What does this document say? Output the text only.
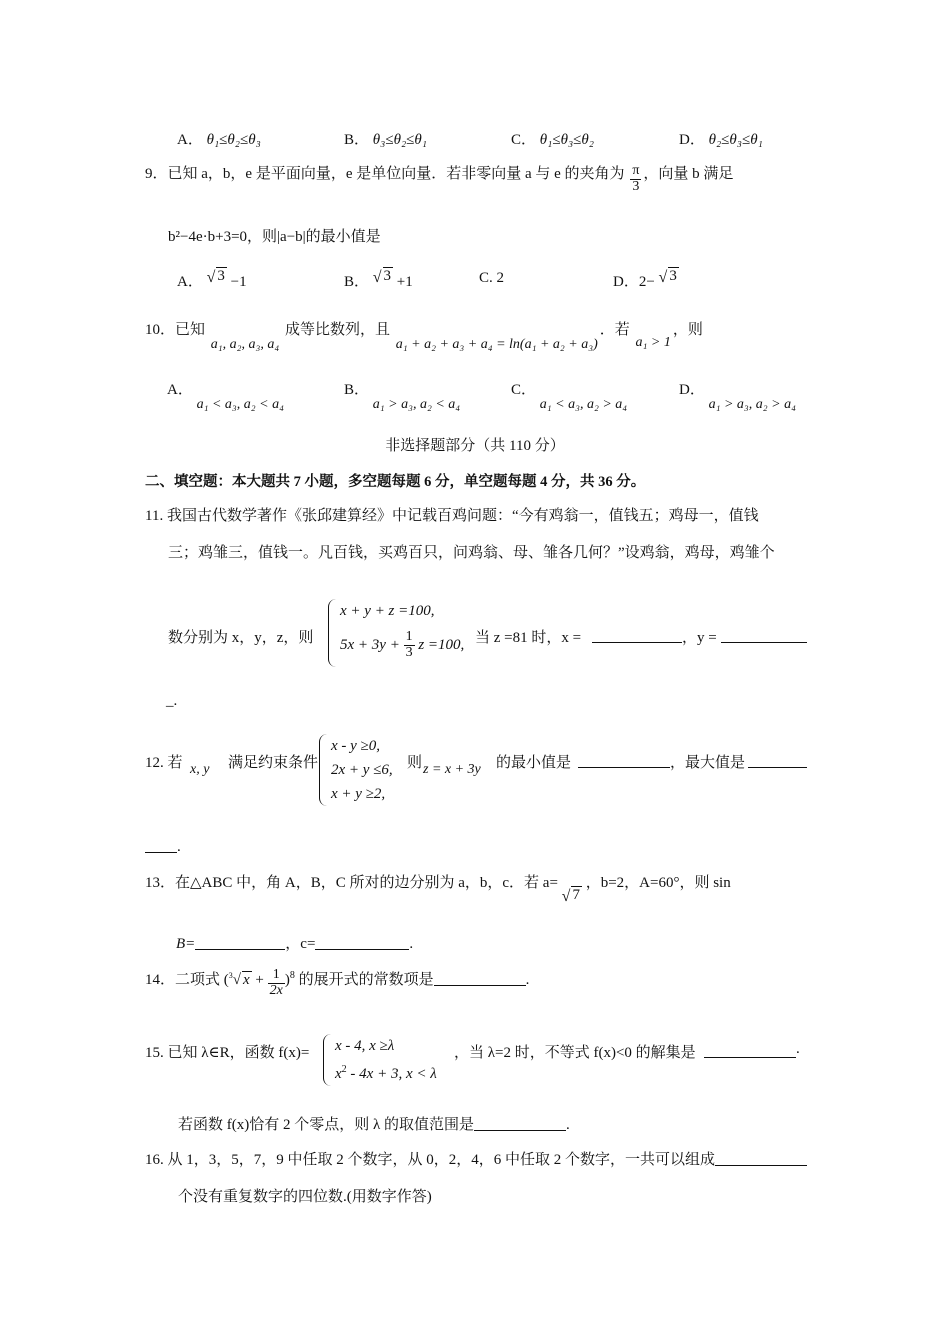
A． θ₁≤θ₂≤θ₃	B． θ₃≤θ₂≤θ₁	C． θ₁≤θ₃≤θ₂	D． θ₂≤θ₃≤θ₁
9．已知 a，b，e 是平面向量，e 是单位向量．若非零向量 a 与 e 的夹角为 $\frac{\pi}{3}$ ，向量 b 满足
b²−4e·b+3=0，则|a−b|的最小值是
A． √ 3 −1	B． √ 3 +1	C. 2	D．2− √ 3
10．已知 a₁, a₂, a₃, a₄ 成等比数列，且 a₁ + a₂ + a₃ + a₄ = ln(a₁ + a₂ + a₃)．若 a₁ > 1，则
A． a₁ < a₃, a₂ < a₄
B． a₁ > a₃, a₂ < a₄
C． a₁ < a₃, a₂ > a₄
D． a₁ > a₃, a₂ > a₄
非选择题部分（共 110 分）
二、填空题：本大题共 7 小题，多空题每题 6 分，单空题每题 4 分，共 36 分。
11. 我国古代数学著作《张邱建算经》中记载百鸡问题：“今有鸡翁一，值钱五；鸡母一，值钱
三；鸡雏三，值钱一。凡百钱，买鸡百只，问鸡翁、母、雏各几何？”设鸡翁，鸡母，鸡雏个
数分别为 x，y，z，则
x + y + z =100,
$5x + 3y + \frac{1}{3}$ z =100, 当 z =81 时，x =	，y =
_.
12. 若 x, y 满足约束条件
x - y ≥0,
2x + y ≤6,
x + y ≥2,
则 z = x + 3y 的最小值是	，最大值是
.
13．在△ABC 中，角 A，B，C 所对的边分别为 a，b，c．若 a= √ 7 ，b=2，A=60°，则 sin
B=	，c=	.
14．二项式 ($^3$√ $x + \frac{1}{2x} )^8$ 的展开式的常数项是	.
15. 已知 λ∈R，函数 f(x)= x - 4, x ≥λ
$x^2 - 4x + 3$, x < λ
，当 λ=2 时，不等式 f(x)<0 的解集是	.
若函数 f(x)恰有 2 个零点，则 λ 的取值范围是	.
16. 从 1，3，5，7，9 中任取 2 个数字，从 0，2，4，6 中任取 2 个数字，一共可以组成
个没有重复数字的四位数.(用数字作答)
